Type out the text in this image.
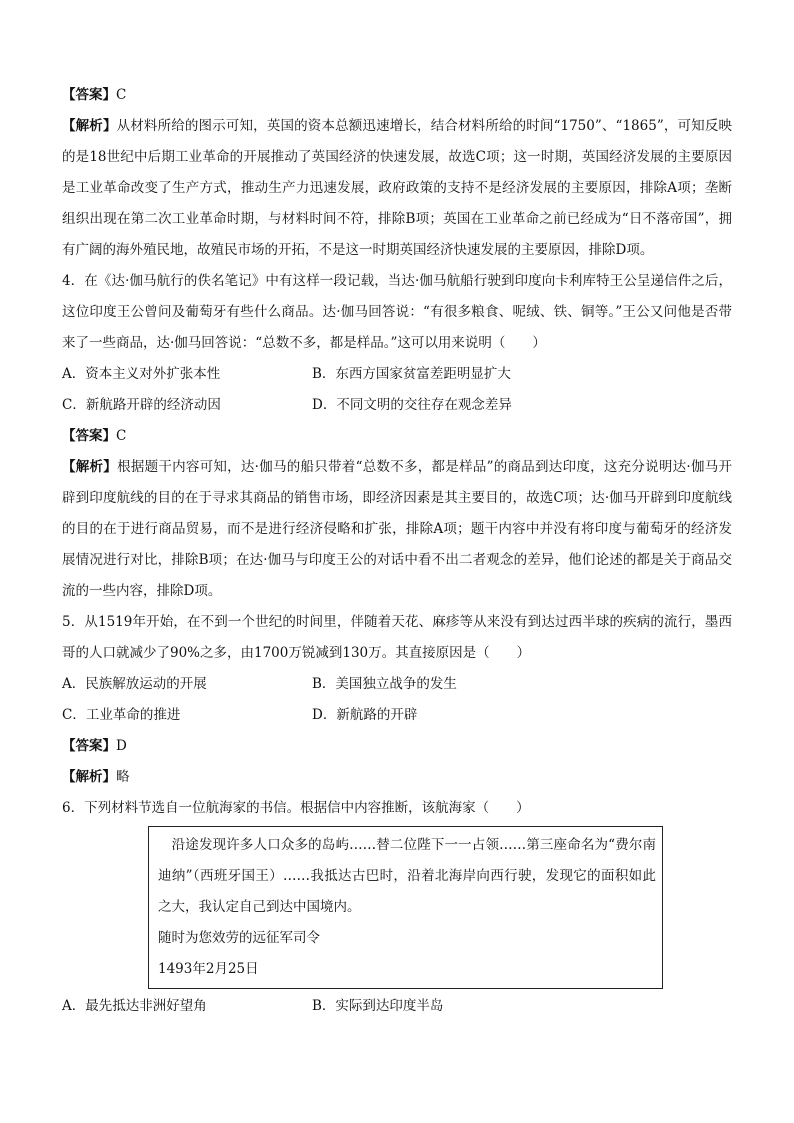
【答案】C
【解析】从材料所给的图示可知，英国的资本总额迅速增长，结合材料所给的时间“1750”、“1865”，可知反映的是18世纪中后期工业革命的开展推动了英国经济的快速发展，故选C项；这一时期，英国经济发展的主要原因是工业革命改变了生产方式，推动生产力迅速发展，政府政策的支持不是经济发展的主要原因，排除A项；垄断组织出现在第二次工业革命时期，与材料时间不符，排除B项；英国在工业革命之前已经成为“日不落帝国”，拥有广阔的海外殖民地，故殖民市场的开拓，不是这一时期英国经济快速发展的主要原因，排除D项。
4．在《达·伽马航行的佚名笔记》中有这样一段记载，当达·伽马航船行驶到印度向卡利库特王公呈递信件之后，这位印度王公曾问及葡萄牙有些什么商品。达·伽马回答说：“有很多粮食、呢绒、铁、铜等。”王公又问他是否带来了一些商品，达·伽马回答说：“总数不多，都是样品。”这可以用来说明（　　）
A．资本主义对外扩张本性	B．东西方国家贫富差距明显扩大
C．新航路开辟的经济动因	D．不同文明的交往存在观念差异
【答案】C
【解析】根据题干内容可知，达·伽马的船只带着“总数不多，都是样品”的商品到达印度，这充分说明达·伽马开辟到印度航线的目的在于寻求其商品的销售市场，即经济因素是其主要目的，故选C项；达·伽马开辟到印度航线的目的在于进行商品贸易，而不是进行经济侵略和扩张，排除A项；题干内容中并没有将印度与葡萄牙的经济发展情况进行对比，排除B项；在达·伽马与印度王公的对话中看不出二者观念的差异，他们论述的都是关于商品交流的一些内容，排除D项。
5．从1519年开始，在不到一个世纪的时间里，伴随着天花、麻疹等从来没有到达过西半球的疾病的流行，墨西哥的人口就减少了90%之多，由1700万锐减到130万。其直接原因是（　　）
A．民族解放运动的开展	B．美国独立战争的发生
C．工业革命的推进	D．新航路的开辟
【答案】D
【解析】略
6．下列材料节选自一位航海家的书信。根据信中内容推断，该航海家（　　）
　沿途发现许多人口众多的岛屿……替二位陛下一一占领……第三座命名为“费尔南迪纳”（西班牙国王）……我抵达古巴时，沿着北海岸向西行驶，发现它的面积如此之大，我认定自己到达中国境内。
随时为您效劳的远征军司令
1493年2月25日
A．最先抵达非洲好望角	B．实际到达印度半岛
